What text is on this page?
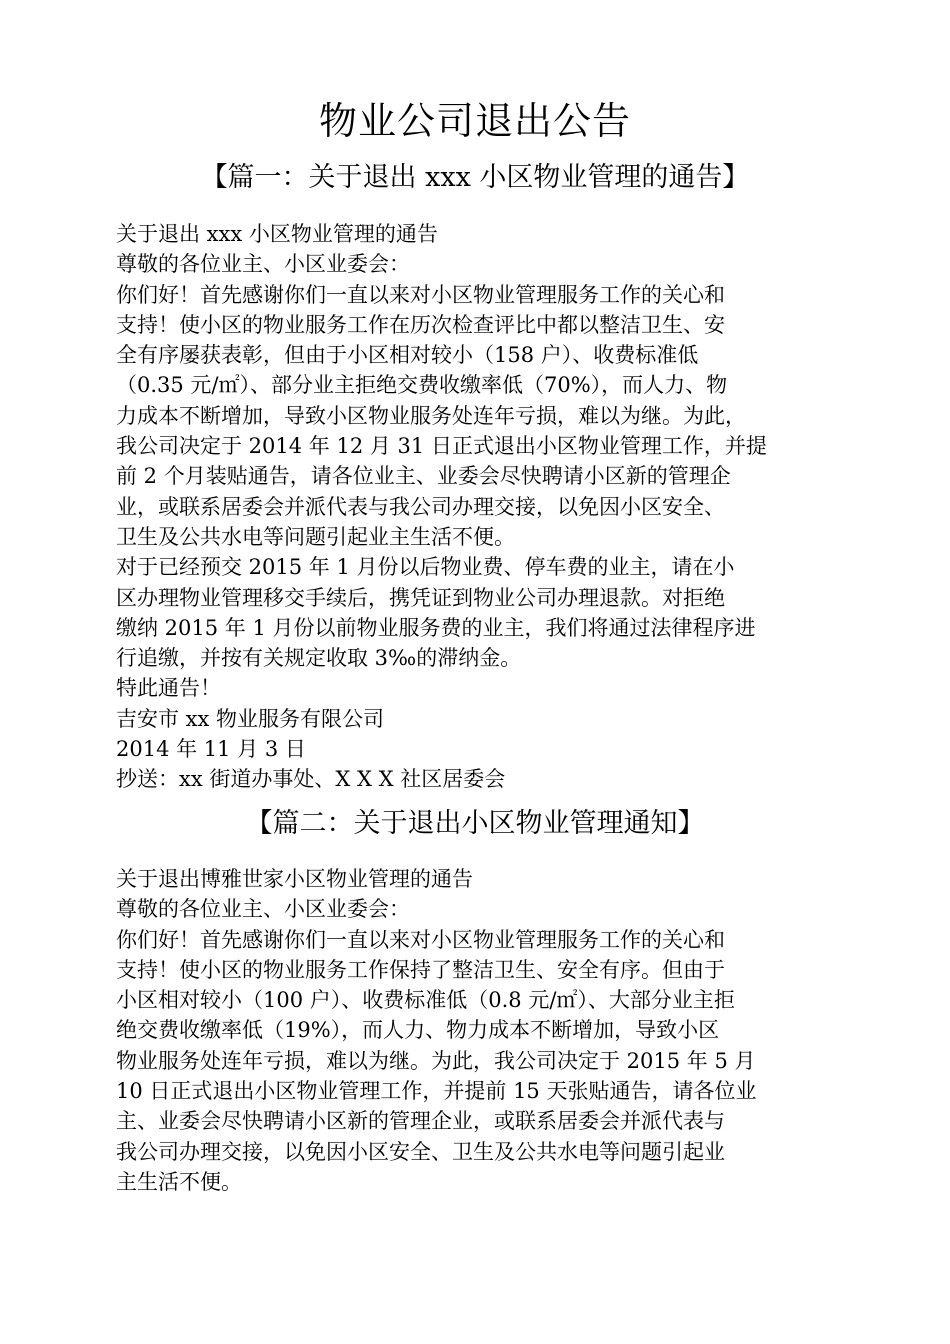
物业公司退出公告
【篇一：关于退出 xxx 小区物业管理的通告】
关于退出 xxx 小区物业管理的通告
尊敬的各位业主、小区业委会：
你们好！首先感谢你们一直以来对小区物业管理服务工作的关心和
支持！使小区的物业服务工作在历次检查评比中都以整洁卫生、安
全有序屡获表彰，但由于小区相对较小（158 户）、收费标准低
（0.35 元/㎡）、部分业主拒绝交费收缴率低（70%），而人力、物
力成本不断增加，导致小区物业服务处连年亏损，难以为继。为此，
我公司决定于 2014 年 12 月 31 日正式退出小区物业管理工作，并提
前 2 个月装贴通告，请各位业主、业委会尽快聘请小区新的管理企
业，或联系居委会并派代表与我公司办理交接，以免因小区安全、
卫生及公共水电等问题引起业主生活不便。
对于已经预交 2015 年 1 月份以后物业费、停车费的业主，请在小
区办理物业管理移交手续后，携凭证到物业公司办理退款。对拒绝
缴纳 2015 年 1 月份以前物业服务费的业主，我们将通过法律程序进
行追缴，并按有关规定收取 3‰的滞纳金。
特此通告！
吉安市 xx 物业服务有限公司
2014 年 11 月 3 日
抄送：xx 街道办事处、X X X 社区居委会
【篇二：关于退出小区物业管理通知】
关于退出博雅世家小区物业管理的通告
尊敬的各位业主、小区业委会：
你们好！首先感谢你们一直以来对小区物业管理服务工作的关心和
支持！使小区的物业服务工作保持了整洁卫生、安全有序。但由于
小区相对较小（100 户）、收费标准低（0.8 元/㎡）、大部分业主拒
绝交费收缴率低（19%），而人力、物力成本不断增加，导致小区
物业服务处连年亏损，难以为继。为此，我公司决定于 2015 年 5 月
10 日正式退出小区物业管理工作，并提前 15 天张贴通告，请各位业
主、业委会尽快聘请小区新的管理企业，或联系居委会并派代表与
我公司办理交接，以免因小区安全、卫生及公共水电等问题引起业
主生活不便。
